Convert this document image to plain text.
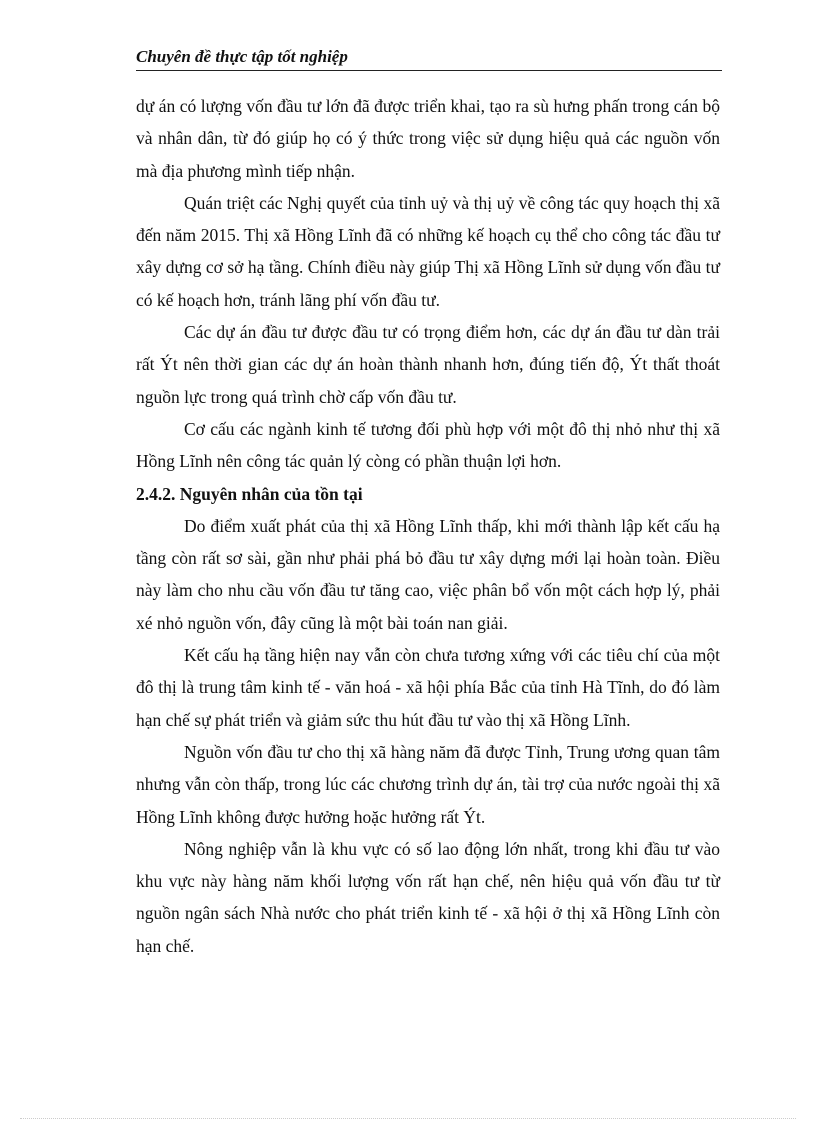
Chuyên đề thực tập tốt nghiệp

dự án có lượng vốn đầu tư lớn đã được triển khai, tạo ra sù hưng phấn trong cán bộ và nhân dân, từ đó giúp họ có ý thức trong việc sử dụng hiệu quả các nguồn vốn mà địa phương mình tiếp nhận.

Quán triệt các Nghị quyết của tỉnh uỷ và thị uỷ về công tác quy hoạch thị xã đến năm 2015. Thị xã Hồng Lĩnh đã có những kế hoạch cụ thể cho công tác đầu tư xây dựng cơ sở hạ tầng. Chính điều này giúp Thị xã Hồng Lĩnh sử dụng vốn đầu tư có kế hoạch hơn, tránh lãng phí vốn đầu tư.

Các dự án đầu tư được đầu tư có trọng điểm hơn, các dự án đầu tư dàn trải rất Ýt nên thời gian các dự án hoàn thành nhanh hơn, đúng tiến độ, Ýt thất thoát nguồn lực trong quá trình chờ cấp vốn đầu tư.

Cơ cấu các ngành kinh tế tương đối phù hợp với một đô thị nhỏ như thị xã Hồng Lĩnh nên công tác quản lý còng có phần thuận lợi hơn.

2.4.2. Nguyên nhân của tồn tại

Do điểm xuất phát của thị xã Hồng Lĩnh thấp, khi mới thành lập kết cấu hạ tầng còn rất sơ sài, gần như phải phá bỏ đầu tư xây dựng mới lại hoàn toàn. Điều này làm cho nhu cầu vốn đầu tư tăng cao, việc phân bổ vốn một cách hợp lý, phải xé nhỏ nguồn vốn, đây cũng là một bài toán nan giải.

Kết cấu hạ tầng hiện nay vẫn còn chưa tương xứng với các tiêu chí của một đô thị là trung tâm kinh tế - văn hoá - xã hội phía Bắc của tỉnh Hà Tĩnh, do đó làm hạn chế sự phát triển và giảm sức thu hút đầu tư vào thị xã Hồng Lĩnh.

Nguồn vốn đầu tư cho thị xã hàng năm đã được Tỉnh, Trung ương quan tâm nhưng vẫn còn thấp, trong lúc các chương trình dự án, tài trợ của nước ngoài thị xã Hồng Lĩnh không được hưởng hoặc hưởng rất Ýt.

Nông nghiệp vẫn là khu vực có số lao động lớn nhất, trong khi đầu tư vào khu vực này hàng năm khối lượng vốn rất hạn chế, nên hiệu quả vốn đầu tư từ nguồn ngân sách Nhà nước cho phát triển kinh tế - xã hội ở thị xã Hồng Lĩnh còn hạn chế.
